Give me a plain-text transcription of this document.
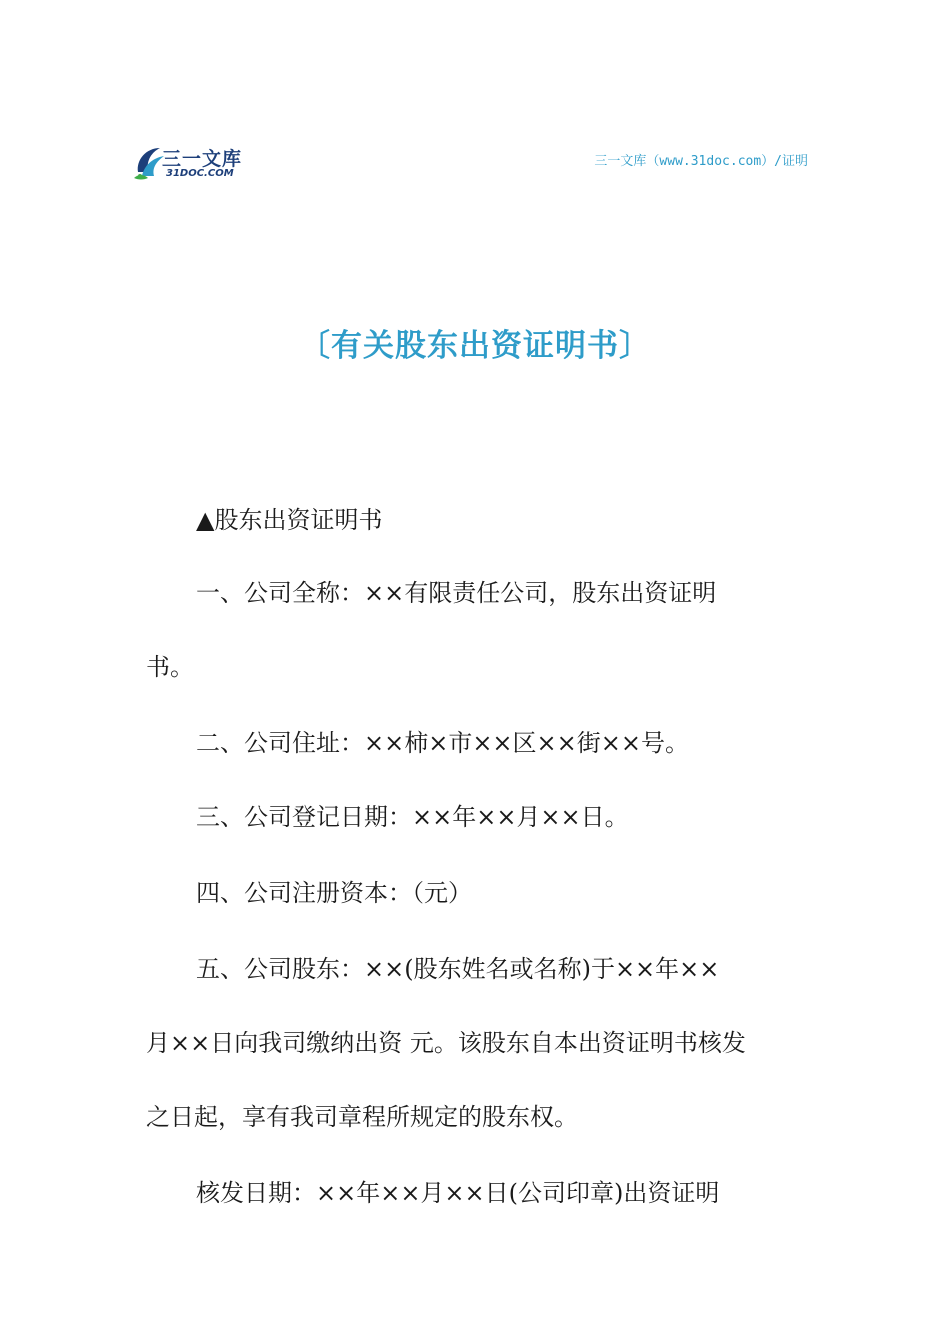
三一文库
31DOC.COM
三一文库（www.31doc.com）/证明
〔有关股东出资证明书〕
▲股东出资证明书
一、公司全称：××有限责任公司，股东出资证明
书。
二、公司住址：××柿×市××区××街××号。
三、公司登记日期：××年××月××日。
四、公司注册资本：（元）
五、公司股东：××(股东姓名或名称)于××年××
月××日向我司缴纳出资 元。该股东自本出资证明书核发
之日起，享有我司章程所规定的股东权。
核发日期：××年××月××日(公司印章)出资证明
